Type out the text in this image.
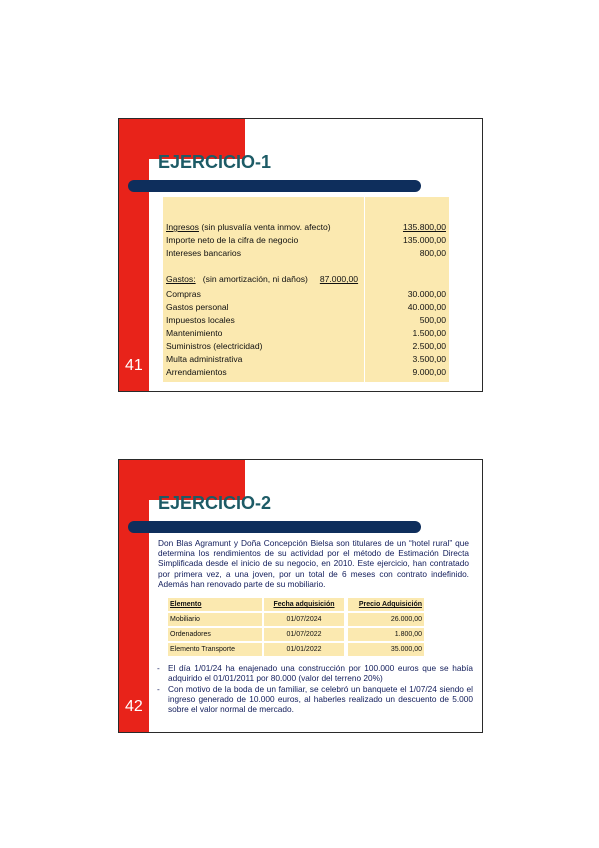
EJERCICIO-1
41
Ingresos (sin plusvalía venta inmov. afecto)	135.800,00
Importe neto de la cifra de negocio	135.000,00
Intereses bancarios	800,00
Gastos: (sin amortización, ni daños) 87.000,00
Compras	30.000,00
Gastos personal	40.000,00
Impuestos locales	500,00
Mantenimiento	1.500,00
Suministros (electricidad)	2.500,00
Multa administrativa	3.500,00
Arrendamientos	9.000,00
EJERCICIO-2
42
Don Blas Agramunt y Doña Concepción Bielsa son titulares de un “hotel rural” que determina los rendimientos de su actividad por el método de Estimación Directa Simplificada desde el inicio de su negocio, en 2010. Este ejercicio, han contratado por primera vez, a una joven, por un total de 6 meses con contrato indefinido. Además han renovado parte de su mobiliario.
Elemento	Fecha adquisición	Precio Adquisición
Mobiliario	01/07/2024	26.000,00
Ordenadores	01/07/2022	1.800,00
Elemento Transporte	01/01/2022	35.000,00
- El día 1/01/24 ha enajenado una construcción por 100.000 euros que se había adquirido el 01/01/2011 por 80.000 (valor del terreno 20%)
- Con motivo de la boda de un familiar, se celebró un banquete el 1/07/24 siendo el ingreso generado de 10.000 euros, al haberles realizado un descuento de 5.000 sobre el valor normal de mercado.
